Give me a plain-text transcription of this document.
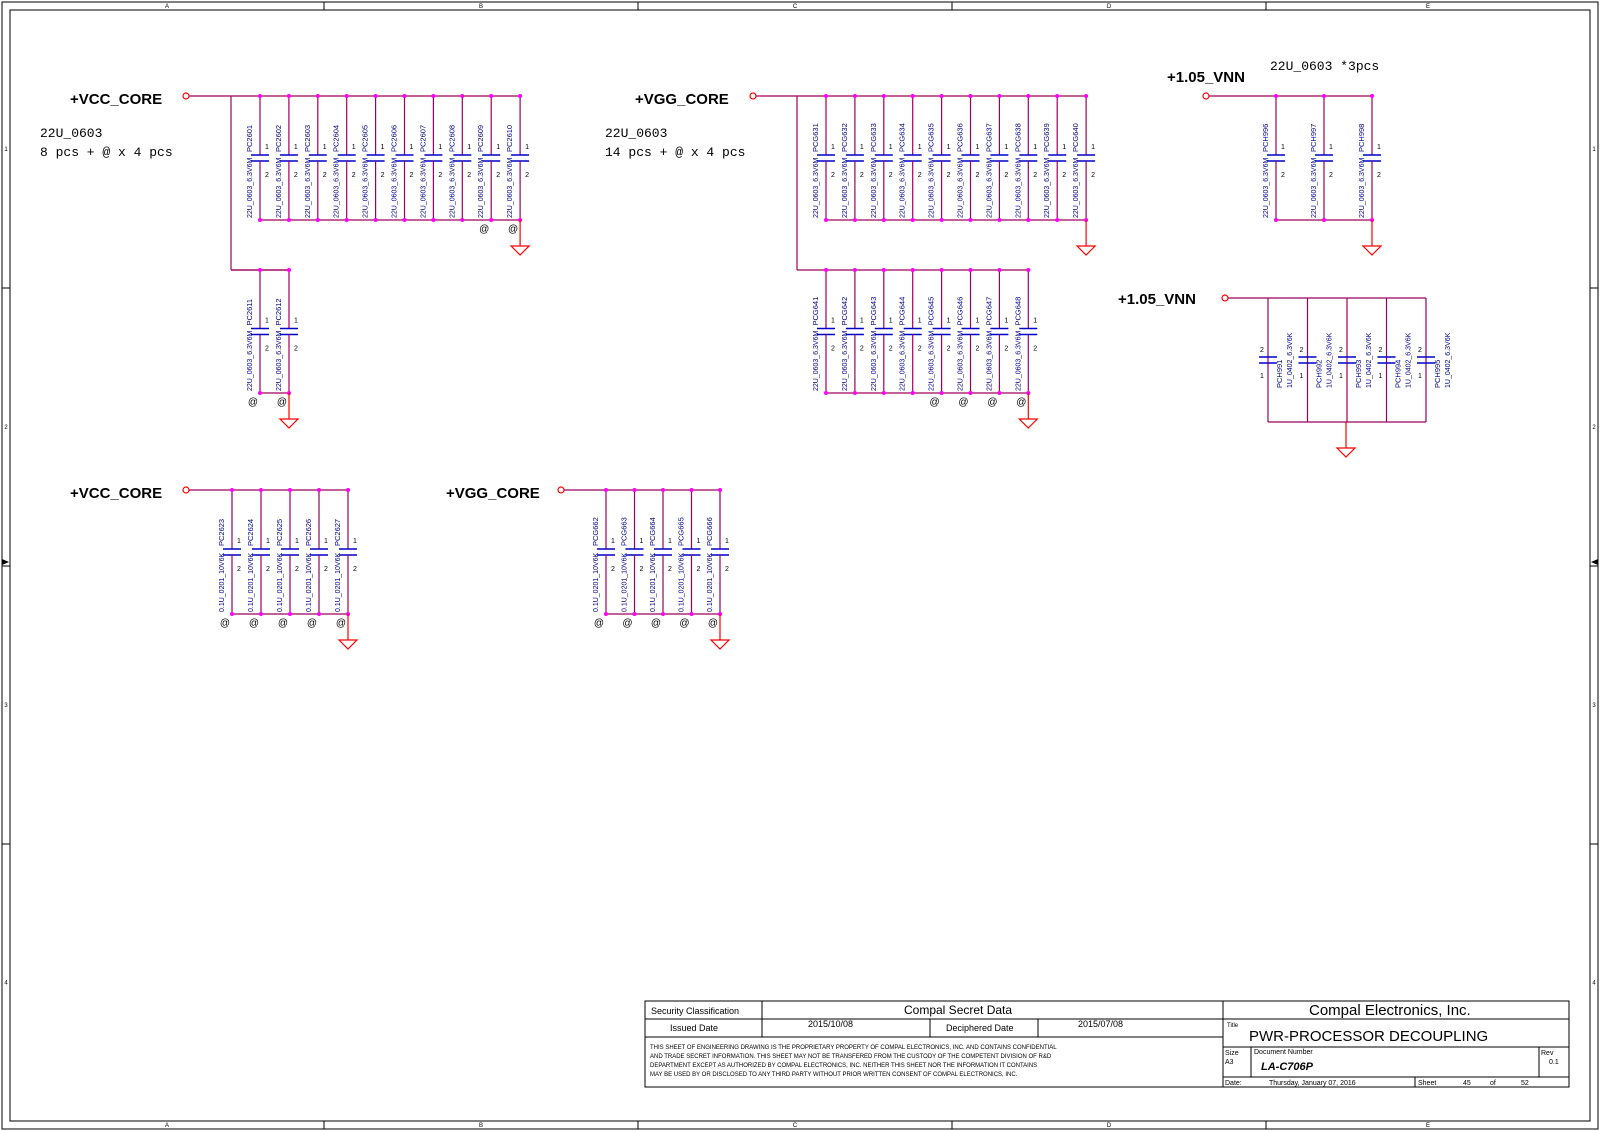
A
A
B
B
C
C
D
D
E
E
1	1
2	2
3	3
4	4
+VCC_CORE
22U_0603
8 pcs + @ x 4 pcs	1
2
PC2601
22U_0603_6.3V6M
1
2
PC2602
22U_0603_6.3V6M
1
2
PC2603
22U_0603_6.3V6M
1
2
PC2604
22U_0603_6.3V6M
1
2
PC2605
22U_0603_6.3V6M
1
2
PC2606
22U_0603_6.3V6M
1
2
PC2607
22U_0603_6.3V6M
1
2
PC2608
22U_0603_6.3V6M
1
2
PC2609
22U_0603_6.3V6M
1
2
PC2610
22U_0603_6.3V6M
@ @
1
2
PC2611
22U_0603_6.3V6M
1
2
PC2612
22U_0603_6.3V6M
@ @
+VGG_CORE
22U_0603
14 pcs + @ x 4 pcs	1
2
PCG631
22U_0603_6.3V6M
1
2
PCG632
22U_0603_6.3V6M
1
2
PCG633
22U_0603_6.3V6M
1
2
PCG634
22U_0603_6.3V6M
1
2
PCG635
22U_0603_6.3V6M
1
2
PCG636
22U_0603_6.3V6M
1
2
PCG637
22U_0603_6.3V6M
1
2
PCG638
22U_0603_6.3V6M
1
2
PCG639
22U_0603_6.3V6M
1
2
PCG640
22U_0603_6.3V6M
1
2
PCG641
22U_0603_6.3V6M
1
2
PCG642
22U_0603_6.3V6M
1
2
PCG643
22U_0603_6.3V6M
1
2
PCG644
22U_0603_6.3V6M
1
2
PCG645
22U_0603_6.3V6M
1
2
PCG646
22U_0603_6.3V6M
1
2
PCG647
22U_0603_6.3V6M
1
2
PCG648
22U_0603_6.3V6M
@ @ @ @
+1.05_VNN
22U_0603 *3pcs
1
2
PCH996
22U_0603_6.3V6M
1
2
PCH997
22U_0603_6.3V6M
1
2
PCH998
22U_0603_6.3V6M
+1.05_VNN
2
1 PCH991 1U_0402_6.3V6K 2
1 PCH992 1U_0402_6.3V6K 2
1 PCH993 1U_0402_6.3V6K 2
1 PCH994 1U_0402_6.3V6K 2
1 PCH995 1U_0402_6.3V6K
+VCC_CORE
1
2
PC2623
0.1U_0201_10V6K
1
2
PC2624
0.1U_0201_10V6K
1
2
PC2625
0.1U_0201_10V6K
1
2
PC2626
0.1U_0201_10V6K
1
2
PC2627
0.1U_0201_10V6K
@ @ @ @ @
+VGG_CORE
1
2
PCG662
0.1U_0201_10V6K
1
2
PCG663
0.1U_0201_10V6K
1
2
PCG664
0.1U_0201_10V6K
1
2
PCG665
0.1U_0201_10V6K
1
2
PCG666
0.1U_0201_10V6K
@ @ @ @ @
Security Classification	Compal Secret Data
Issued Date	2015/10/08	Deciphered Date	2015/07/08
THIS SHEET OF ENGINEERING DRAWING IS THE PROPRIETARY PROPERTY OF COMPAL ELECTRONICS, INC. AND CONTAINS CONFIDENTIAL
AND TRADE SECRET INFORMATION. THIS SHEET MAY NOT BE TRANSFERED FROM THE CUSTODY OF THE COMPETENT DIVISION OF R&D
DEPARTMENT EXCEPT AS AUTHORIZED BY COMPAL ELECTRONICS, INC. NEITHER THIS SHEET NOR THE INFORMATION IT CONTAINS
MAY BE USED BY OR DISCLOSED TO ANY THIRD PARTY WITHOUT PRIOR WRITTEN CONSENT OF COMPAL ELECTRONICS, INC.
Compal Electronics, Inc.
Title
PWR-PROCESSOR DECOUPLING
Size
A3
Document Number
LA-C706P
Rev
0.1
Date:	Thursday, January 07, 2016	Sheet	45	of	52
